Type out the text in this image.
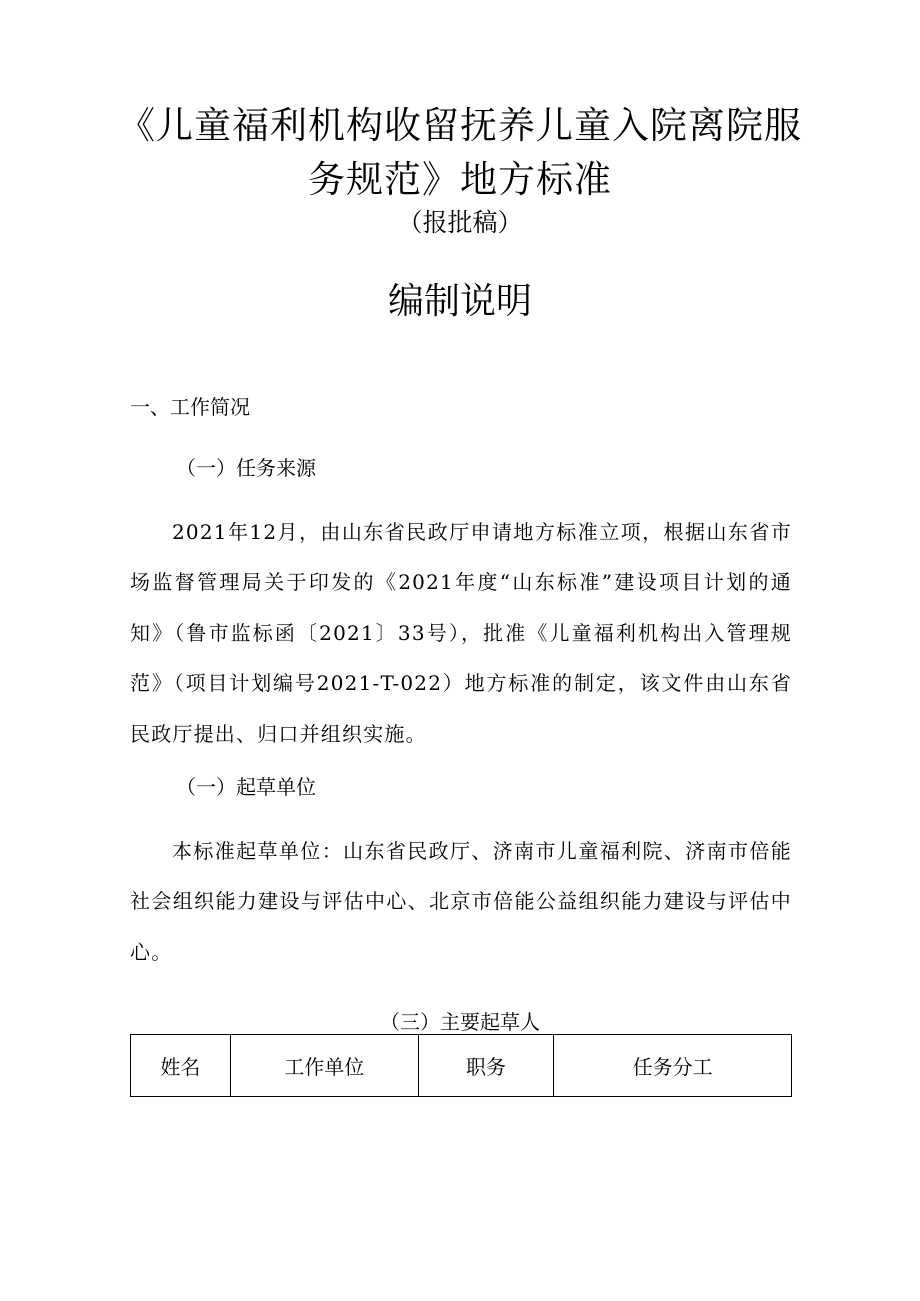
《儿童福利机构收留抚养儿童入院离院服
务规范》地方标准
（报批稿）
编制说明
一、工作简况
（一）任务来源
2021年12月，由山东省民政厅申请地方标准立项，根据山东省市场监督管理局关于印发的《2021年度“山东标准”建设项目计划的通知》（鲁市监标函〔2021〕33号），批准《儿童福利机构出入管理规范》（项目计划编号2021-T-022）地方标准的制定，该文件由山东省民政厅提出、归口并组织实施。
（一）起草单位
本标准起草单位：山东省民政厅、济南市儿童福利院、济南市倍能社会组织能力建设与评估中心、北京市倍能公益组织能力建设与评估中心。
（三）主要起草人
姓名	工作单位	职务	任务分工
